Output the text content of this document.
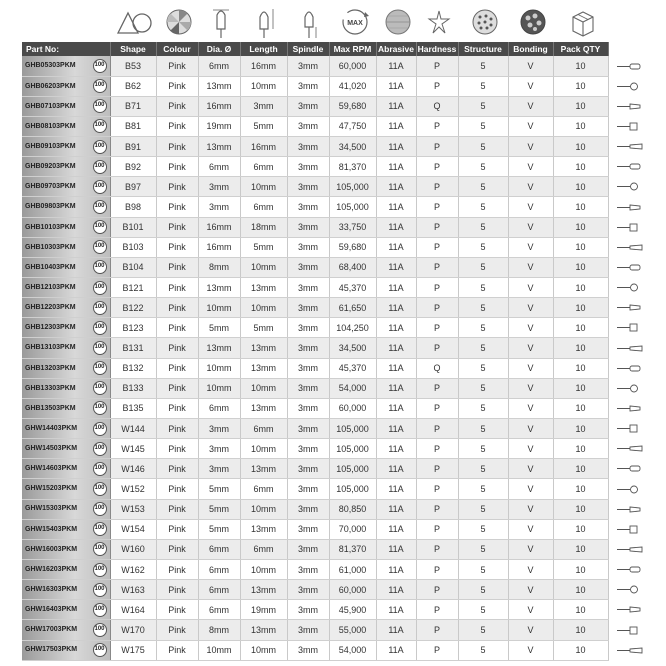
MAX
Part No:	Shape	Colour	Dia. Ø	Length	Spindle	Max RPM	Abrasive	Hardness	Structure	Bonding	Pack QTY
GHB05303PKM 100	B53	Pink	6mm	16mm	3mm	60,000	11A	P	5	V	10
GHB06203PKM 100	B62	Pink	13mm	10mm	3mm	41,020	11A	P	5	V	10
GHB07103PKM 100	B71	Pink	16mm	3mm	3mm	59,680	11A	Q	5	V	10
GHB08103PKM 100	B81	Pink	19mm	5mm	3mm	47,750	11A	P	5	V	10
GHB09103PKM 100	B91	Pink	13mm	16mm	3mm	34,500	11A	P	5	V	10
GHB09203PKM 100	B92	Pink	6mm	6mm	3mm	81,370	11A	P	5	V	10
GHB09703PKM 100	B97	Pink	3mm	10mm	3mm	105,000	11A	P	5	V	10
GHB09803PKM 100	B98	Pink	3mm	6mm	3mm	105,000	11A	P	5	V	10
GHB10103PKM 100	B101	Pink	16mm	18mm	3mm	33,750	11A	P	5	V	10
GHB10303PKM 100	B103	Pink	16mm	5mm	3mm	59,680	11A	P	5	V	10
GHB10403PKM 100	B104	Pink	8mm	10mm	3mm	68,400	11A	P	5	V	10
GHB12103PKM 100	B121	Pink	13mm	13mm	3mm	45,370	11A	P	5	V	10
GHB12203PKM 100	B122	Pink	10mm	10mm	3mm	61,650	11A	P	5	V	10
GHB12303PKM 100	B123	Pink	5mm	5mm	3mm	104,250	11A	P	5	V	10
GHB13103PKM 100	B131	Pink	13mm	13mm	3mm	34,500	11A	P	5	V	10
GHB13203PKM 100	B132	Pink	10mm	13mm	3mm	45,370	11A	Q	5	V	10
GHB13303PKM 100	B133	Pink	10mm	10mm	3mm	54,000	11A	P	5	V	10
GHB13503PKM 100	B135	Pink	6mm	13mm	3mm	60,000	11A	P	5	V	10
GHW14403PKM 100	W144	Pink	3mm	6mm	3mm	105,000	11A	P	5	V	10
GHW14503PKM 100	W145	Pink	3mm	10mm	3mm	105,000	11A	P	5	V	10
GHW14603PKM 100	W146	Pink	3mm	13mm	3mm	105,000	11A	P	5	V	10
GHW15203PKM 100	W152	Pink	5mm	6mm	3mm	105,000	11A	P	5	V	10
GHW15303PKM 100	W153	Pink	5mm	10mm	3mm	80,850	11A	P	5	V	10
GHW15403PKM 100	W154	Pink	5mm	13mm	3mm	70,000	11A	P	5	V	10
GHW16003PKM 100	W160	Pink	6mm	6mm	3mm	81,370	11A	P	5	V	10
GHW16203PKM 100	W162	Pink	6mm	10mm	3mm	61,000	11A	P	5	V	10
GHW16303PKM 100	W163	Pink	6mm	13mm	3mm	60,000	11A	P	5	V	10
GHW16403PKM 100	W164	Pink	6mm	19mm	3mm	45,900	11A	P	5	V	10
GHW17003PKM 100	W170	Pink	8mm	13mm	3mm	55,000	11A	P	5	V	10
GHW17503PKM 100	W175	Pink	10mm	10mm	3mm	54,000	11A	P	5	V	10
